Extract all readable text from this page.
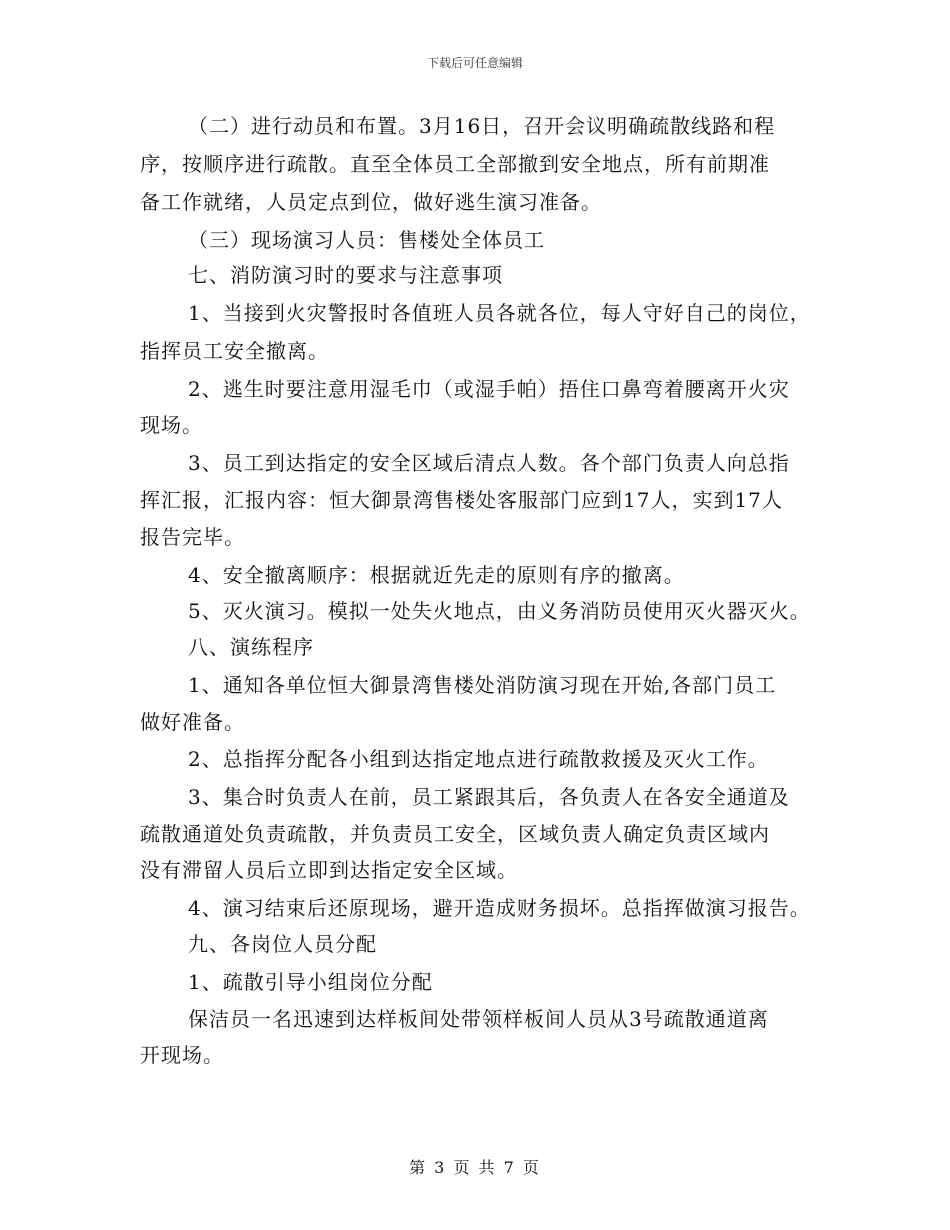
下载后可任意编辑
（二）进行动员和布置。3月16日，召开会议明确疏散线路和程
序，按顺序进行疏散。直至全体员工全部撤到安全地点，所有前期准
备工作就绪，人员定点到位，做好逃生演习准备。
（三）现场演习人员：售楼处全体员工
七、消防演习时的要求与注意事项
1、当接到火灾警报时各值班人员各就各位，每人守好自己的岗位，
指挥员工安全撤离。
2、逃生时要注意用湿毛巾（或湿手帕）捂住口鼻弯着腰离开火灾
现场。
3、员工到达指定的安全区域后清点人数。各个部门负责人向总指
挥汇报，汇报内容：恒大御景湾售楼处客服部门应到17人，实到17人
报告完毕。
4、安全撤离顺序：根据就近先走的原则有序的撤离。
5、灭火演习。模拟一处失火地点，由义务消防员使用灭火器灭火。
八、演练程序
1、通知各单位恒大御景湾售楼处消防演习现在开始,各部门员工
做好准备。
2、总指挥分配各小组到达指定地点进行疏散救援及灭火工作。
3、集合时负责人在前，员工紧跟其后，各负责人在各安全通道及
疏散通道处负责疏散，并负责员工安全，区域负责人确定负责区域内
没有滞留人员后立即到达指定安全区域。
4、演习结束后还原现场，避开造成财务损坏。总指挥做演习报告。
九、各岗位人员分配
1、疏散引导小组岗位分配
保洁员一名迅速到达样板间处带领样板间人员从3号疏散通道离
开现场。
第 3 页 共 7 页
